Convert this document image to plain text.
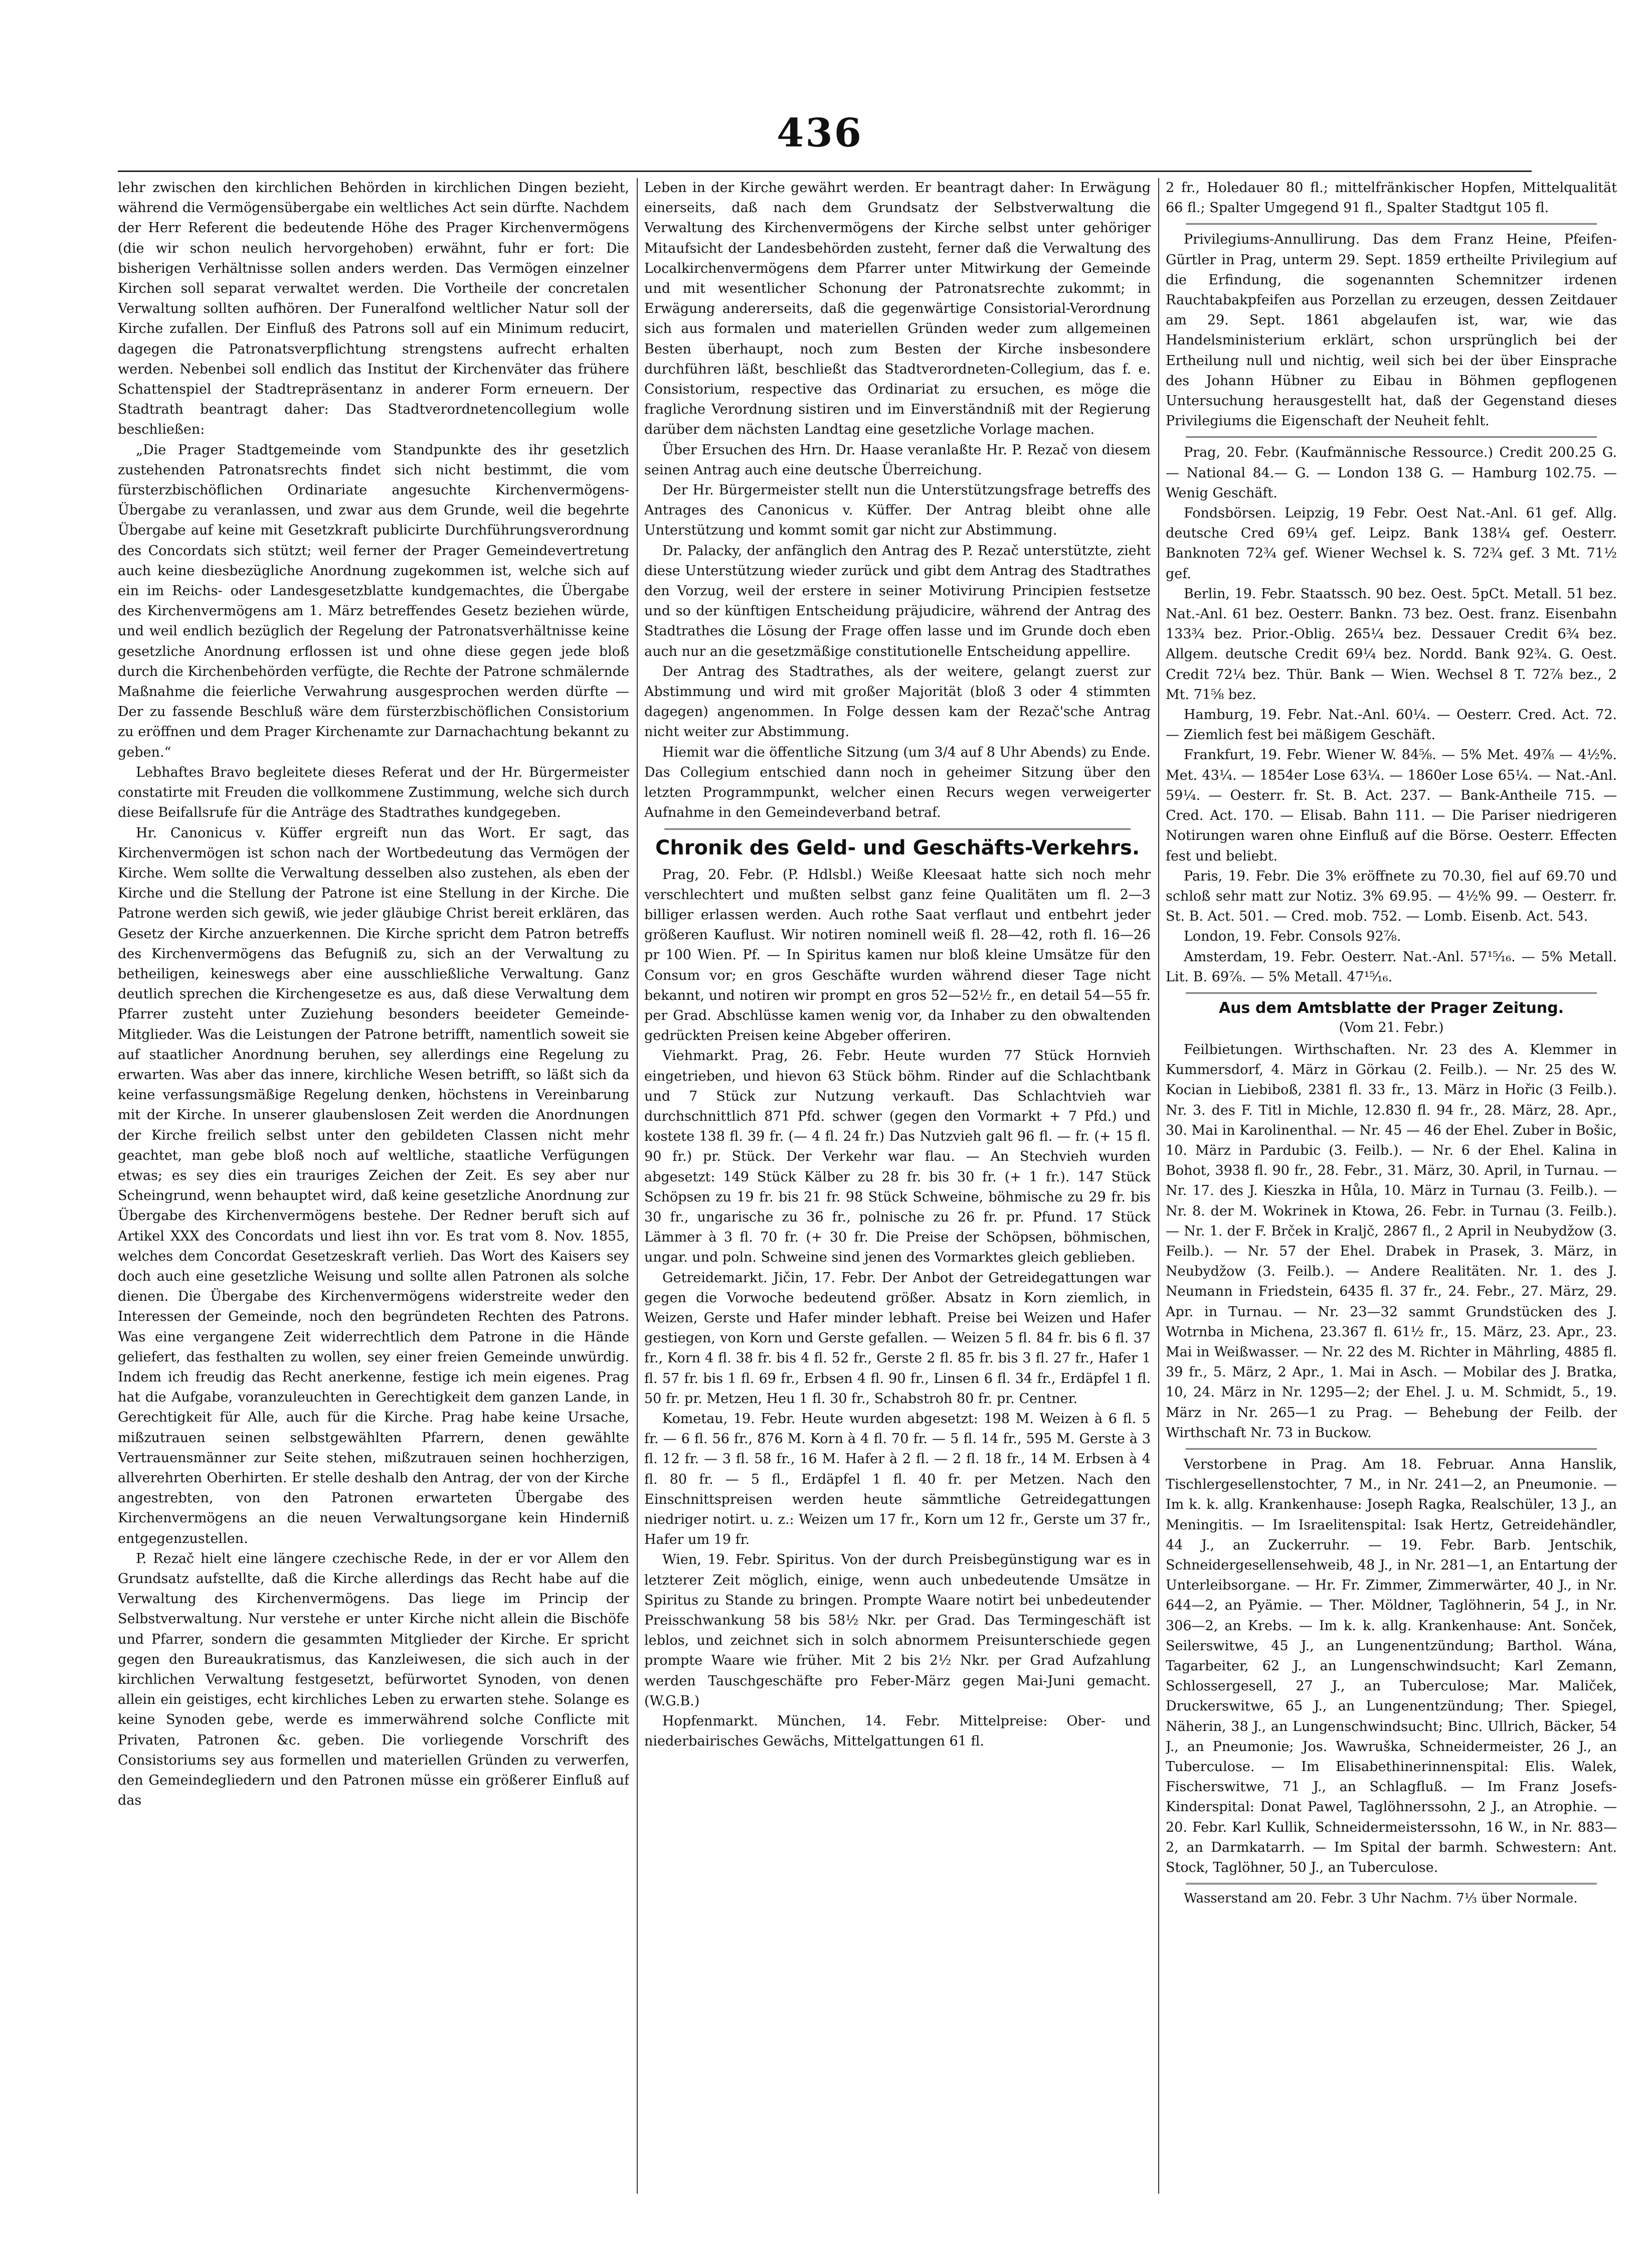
436

lehr zwischen den kirchlichen Behörden in kirchlichen Dingen bezieht, während die Vermögensübergabe ein weltliches Act sein dürfte. Nachdem der Herr Referent die bedeutende Höhe des Prager Kirchenvermögens (die wir schon neulich hervorgehoben) erwähnt, fuhr er fort: Die bisherigen Verhältnisse sollen anders werden. Das Vermögen einzelner Kirchen soll separat verwaltet werden. Die Vortheile der concretalen Verwaltung sollten aufhören. Der Funeralfond weltlicher Natur soll der Kirche zufallen. Der Einfluß des Patrons soll auf ein Minimum reducirt, dagegen die Patronatsverpflichtung strengstens aufrecht erhalten werden. Nebenbei soll endlich das Institut der Kirchenväter das frühere Schattenspiel der Stadtrepräsentanz in anderer Form erneuern. Der Stadtrath beantragt daher: Das Stadtverordnetencollegium wolle beschließen:

„Die Prager Stadtgemeinde vom Standpunkte des ihr gesetzlich zustehenden Patronatsrechts findet sich nicht bestimmt, die vom fürsterzbischöflichen Ordinariate angesuchte Kirchenvermögens-Übergabe zu veranlassen, und zwar aus dem Grunde, weil die begehrte Übergabe auf keine mit Gesetzkraft publicirte Durchführungsverordnung des Concordats sich stützt; weil ferner der Prager Gemeindevertretung auch keine diesbezügliche Anordnung zugekommen ist, welche sich auf ein im Reichs- oder Landesgesetzblatte kundgemachtes, die Übergabe des Kirchenvermögens am 1. März betreffendes Gesetz beziehen würde, und weil endlich bezüglich der Regelung der Patronatsverhältnisse keine gesetzliche Anordnung erflossen ist und ohne diese gegen jede bloß durch die Kirchenbehörden verfügte, die Rechte der Patrone schmälernde Maßnahme die feierliche Verwahrung ausgesprochen werden dürfte — Der zu fassende Beschluß wäre dem fürsterzbischöflichen Consistorium zu eröffnen und dem Prager Kirchenamte zur Darnachachtung bekannt zu geben.“

Lebhaftes Bravo begleitete dieses Referat und der Hr. Bürgermeister constatirte mit Freuden die vollkommene Zustimmung, welche sich durch diese Beifallsrufe für die Anträge des Stadtrathes kundgegeben.

Hr. Canonicus v. Küffer ergreift nun das Wort. Er sagt, das Kirchenvermögen ist schon nach der Wortbedeutung das Vermögen der Kirche. Wem sollte die Verwaltung desselben also zustehen, als eben der Kirche und die Stellung der Patrone ist eine Stellung in der Kirche. Die Patrone werden sich gewiß, wie jeder gläubige Christ bereit erklären, das Gesetz der Kirche anzuerkennen. Die Kirche spricht dem Patron betreffs des Kirchenvermögens das Befugniß zu, sich an der Verwaltung zu betheiligen, keineswegs aber eine ausschließliche Verwaltung. Ganz deutlich sprechen die Kirchengesetze es aus, daß diese Verwaltung dem Pfarrer zusteht unter Zuziehung besonders beeideter Gemeinde-Mitglieder. Was die Leistungen der Patrone betrifft, namentlich soweit sie auf staatlicher Anordnung beruhen, sey allerdings eine Regelung zu erwarten. Was aber das innere, kirchliche Wesen betrifft, so läßt sich da keine verfassungsmäßige Regelung denken, höchstens in Vereinbarung mit der Kirche. In unserer glaubenslosen Zeit werden die Anordnungen der Kirche freilich selbst unter den gebildeten Classen nicht mehr geachtet, man gebe bloß noch auf weltliche, staatliche Verfügungen etwas; es sey dies ein trauriges Zeichen der Zeit. Es sey aber nur Scheingrund, wenn behauptet wird, daß keine gesetzliche Anordnung zur Übergabe des Kirchenvermögens bestehe. Der Redner beruft sich auf Artikel XXX des Concordats und liest ihn vor. Es trat vom 8. Nov. 1855, welches dem Concordat Gesetzeskraft verlieh. Das Wort des Kaisers sey doch auch eine gesetzliche Weisung und sollte allen Patronen als solche dienen. Die Übergabe des Kirchenvermögens widerstreite weder den Interessen der Gemeinde, noch den begründeten Rechten des Patrons. Was eine vergangene Zeit widerrechtlich dem Patrone in die Hände geliefert, das festhalten zu wollen, sey einer freien Gemeinde unwürdig. Indem ich freudig das Recht anerkenne, festige ich mein eigenes. Prag hat die Aufgabe, voranzuleuchten in Gerechtigkeit dem ganzen Lande, in Gerechtigkeit für Alle, auch für die Kirche. Prag habe keine Ursache, mißzutrauen seinen selbstgewählten Pfarrern, denen gewählte Vertrauensmänner zur Seite stehen, mißzutrauen seinen hochherzigen, allverehrten Oberhirten. Er stelle deshalb den Antrag, der von der Kirche angestrebten, von den Patronen erwarteten Übergabe des Kirchenvermögens an die neuen Verwaltungsorgane kein Hinderniß entgegenzustellen.

P. Rezač hielt eine längere czechische Rede, in der er vor Allem den Grundsatz aufstellte, daß die Kirche allerdings das Recht habe auf die Verwaltung des Kirchenvermögens. Das liege im Princip der Selbstverwaltung. Nur verstehe er unter Kirche nicht allein die Bischöfe und Pfarrer, sondern die gesammten Mitglieder der Kirche. Er spricht gegen den Bureaukratismus, das Kanzleiwesen, die sich auch in der kirchlichen Verwaltung festgesetzt, befürwortet Synoden, von denen allein ein geistiges, echt kirchliches Leben zu erwarten stehe. Solange es keine Synoden gebe, werde es immerwährend solche Conflicte mit Privaten, Patronen &c. geben. Die vorliegende Vorschrift des Consistoriums sey aus formellen und materiellen Gründen zu verwerfen, den Gemeindegliedern und den Patronen müsse ein größerer Einfluß auf das

Leben in der Kirche gewährt werden. Er beantragt daher: In Erwägung einerseits, daß nach dem Grundsatz der Selbstverwaltung die Verwaltung des Kirchenvermögens der Kirche selbst unter gehöriger Mitaufsicht der Landesbehörden zusteht, ferner daß die Verwaltung des Localkirchenvermögens dem Pfarrer unter Mitwirkung der Gemeinde und mit wesentlicher Schonung der Patronatsrechte zukommt; in Erwägung andererseits, daß die gegenwärtige Consistorial-Verordnung sich aus formalen und materiellen Gründen weder zum allgemeinen Besten überhaupt, noch zum Besten der Kirche insbesondere durchführen läßt, beschließt das Stadtverordneten-Collegium, das f. e. Consistorium, respective das Ordinariat zu ersuchen, es möge die fragliche Verordnung sistiren und im Einverständniß mit der Regierung darüber dem nächsten Landtag eine gesetzliche Vorlage machen.

Über Ersuchen des Hrn. Dr. Haase veranlaßte Hr. P. Rezač von diesem seinen Antrag auch eine deutsche Überreichung.

Der Hr. Bürgermeister stellt nun die Unterstützungsfrage betreffs des Antrages des Canonicus v. Küffer. Der Antrag bleibt ohne alle Unterstützung und kommt somit gar nicht zur Abstimmung.

Dr. Palacky, der anfänglich den Antrag des P. Rezač unterstützte, zieht diese Unterstützung wieder zurück und gibt dem Antrag des Stadtrathes den Vorzug, weil der erstere in seiner Motivirung Principien festsetze und so der künftigen Entscheidung präjudicire, während der Antrag des Stadtrathes die Lösung der Frage offen lasse und im Grunde doch eben auch nur an die gesetzmäßige constitutionelle Entscheidung appellire.

Der Antrag des Stadtrathes, als der weitere, gelangt zuerst zur Abstimmung und wird mit großer Majorität (bloß 3 oder 4 stimmten dagegen) angenommen. In Folge dessen kam der Rezač'sche Antrag nicht weiter zur Abstimmung.

Hiemit war die öffentliche Sitzung (um 3/4 auf 8 Uhr Abends) zu Ende. Das Collegium entschied dann noch in geheimer Sitzung über den letzten Programmpunkt, welcher einen Recurs wegen verweigerter Aufnahme in den Gemeindeverband betraf.

Chronik des Geld- und Geschäfts-Verkehrs.

Prag, 20. Febr. (P. Hdlsbl.) Weiße Kleesaat hatte sich noch mehr verschlechtert und mußten selbst ganz feine Qualitäten um fl. 2—3 billiger erlassen werden. Auch rothe Saat verflaut und entbehrt jeder größeren Kauflust. Wir notiren nominell weiß fl. 28—42, roth fl. 16—26 pr 100 Wien. Pf. — In Spiritus kamen nur bloß kleine Umsätze für den Consum vor; en gros Geschäfte wurden während dieser Tage nicht bekannt, und notiren wir prompt en gros 52—52½ fr., en detail 54—55 fr. per Grad. Abschlüsse kamen wenig vor, da Inhaber zu den obwaltenden gedrückten Preisen keine Abgeber offeriren.

Viehmarkt. Prag, 26. Febr. Heute wurden 77 Stück Hornvieh eingetrieben, und hievon 63 Stück böhm. Rinder auf die Schlachtbank und 7 Stück zur Nutzung verkauft. Das Schlachtvieh war durchschnittlich 871 Pfd. schwer (gegen den Vormarkt + 7 Pfd.) und kostete 138 fl. 39 fr. (— 4 fl. 24 fr.) Das Nutzvieh galt 96 fl. — fr. (+ 15 fl. 90 fr.) pr. Stück. Der Verkehr war flau. — An Stechvieh wurden abgesetzt: 149 Stück Kälber zu 28 fr. bis 30 fr. (+ 1 fr.). 147 Stück Schöpsen zu 19 fr. bis 21 fr. 98 Stück Schweine, böhmische zu 29 fr. bis 30 fr., ungarische zu 36 fr., polnische zu 26 fr. pr. Pfund. 17 Stück Lämmer à 3 fl. 70 fr. (+ 30 fr. Die Preise der Schöpsen, böhmischen, ungar. und poln. Schweine sind jenen des Vormarktes gleich geblieben.

Getreidemarkt. Jičin, 17. Febr. Der Anbot der Getreidegattungen war gegen die Vorwoche bedeutend größer. Absatz in Korn ziemlich, in Weizen, Gerste und Hafer minder lebhaft. Preise bei Weizen und Hafer gestiegen, von Korn und Gerste gefallen. — Weizen 5 fl. 84 fr. bis 6 fl. 37 fr., Korn 4 fl. 38 fr. bis 4 fl. 52 fr., Gerste 2 fl. 85 fr. bis 3 fl. 27 fr., Hafer 1 fl. 57 fr. bis 1 fl. 69 fr., Erbsen 4 fl. 90 fr., Linsen 6 fl. 34 fr., Erdäpfel 1 fl. 50 fr. pr. Metzen, Heu 1 fl. 30 fr., Schabstroh 80 fr. pr. Centner.

Kometau, 19. Febr. Heute wurden abgesetzt: 198 M. Weizen à 6 fl. 5 fr. — 6 fl. 56 fr., 876 M. Korn à 4 fl. 70 fr. — 5 fl. 14 fr., 595 M. Gerste à 3 fl. 12 fr. — 3 fl. 58 fr., 16 M. Hafer à 2 fl. — 2 fl. 18 fr., 14 M. Erbsen à 4 fl. 80 fr. — 5 fl., Erdäpfel 1 fl. 40 fr. per Metzen. Nach den Einschnittspreisen werden heute sämmtliche Getreidegattungen niedriger notirt. u. z.: Weizen um 17 fr., Korn um 12 fr., Gerste um 37 fr., Hafer um 19 fr.

Wien, 19. Febr. Spiritus. Von der durch Preisbegünstigung war es in letzterer Zeit möglich, einige, wenn auch unbedeutende Umsätze in Spiritus zu Stande zu bringen. Prompte Waare notirt bei unbedeutender Preisschwankung 58 bis 58½ Nkr. per Grad. Das Termingeschäft ist leblos, und zeichnet sich in solch abnormem Preisunterschiede gegen prompte Waare wie früher. Mit 2 bis 2½ Nkr. per Grad Aufzahlung werden Tauschgeschäfte pro Feber-März gegen Mai-Juni gemacht. (W.G.B.)

Hopfenmarkt. München, 14. Febr. Mittelpreise: Ober- und niederbairisches Gewächs, Mittelgattungen 61 fl.

2 fr., Holedauer 80 fl.; mittelfränkischer Hopfen, Mittelqualität 66 fl.; Spalter Umgegend 91 fl., Spalter Stadtgut 105 fl.

Privilegiums-Annullirung. Das dem Franz Heine, Pfeifen-Gürtler in Prag, unterm 29. Sept. 1859 ertheilte Privilegium auf die Erfindung, die sogenannten Schemnitzer irdenen Rauchtabakpfeifen aus Porzellan zu erzeugen, dessen Zeitdauer am 29. Sept. 1861 abgelaufen ist, war, wie das Handelsministerium erklärt, schon ursprünglich bei der Ertheilung null und nichtig, weil sich bei der über Einsprache des Johann Hübner zu Eibau in Böhmen gepflogenen Untersuchung herausgestellt hat, daß der Gegenstand dieses Privilegiums die Eigenschaft der Neuheit fehlt.

Prag, 20. Febr. (Kaufmännische Ressource.) Credit 200.25 G. — National 84.— G. — London 138 G. — Hamburg 102.75. — Wenig Geschäft.

Fondsbörsen. Leipzig, 19 Febr. Oest Nat.-Anl. 61 gef. Allg. deutsche Cred 69¼ gef. Leipz. Bank 138¼ gef. Oesterr. Banknoten 72¾ gef. Wiener Wechsel k. S. 72¾ gef. 3 Mt. 71½ gef.

Berlin, 19. Febr. Staatssch. 90 bez. Oest. 5pCt. Metall. 51 bez. Nat.-Anl. 61 bez. Oesterr. Bankn. 73 bez. Oest. franz. Eisenbahn 133¾ bez. Prior.-Oblig. 265¼ bez. Dessauer Credit 6¾ bez. Allgem. deutsche Credit 69¼ bez. Nordd. Bank 92¾. G. Oest. Credit 72¼ bez. Thür. Bank — Wien. Wechsel 8 T. 72⅞ bez., 2 Mt. 71⅝ bez.

Hamburg, 19. Febr. Nat.-Anl. 60¼. — Oesterr. Cred. Act. 72. — Ziemlich fest bei mäßigem Geschäft.

Frankfurt, 19. Febr. Wiener W. 84⅝. — 5% Met. 49⅞ — 4½%. Met. 43¼. — 1854er Lose 63¼. — 1860er Lose 65¼. — Nat.-Anl. 59¼. — Oesterr. fr. St. B. Act. 237. — Bank-Antheile 715. — Cred. Act. 170. — Elisab. Bahn 111. — Die Pariser niedrigeren Notirungen waren ohne Einfluß auf die Börse. Oesterr. Effecten fest und beliebt.

Paris, 19. Febr. Die 3% eröffnete zu 70.30, fiel auf 69.70 und schloß sehr matt zur Notiz. 3% 69.95. — 4½% 99. — Oesterr. fr. St. B. Act. 501. — Cred. mob. 752. — Lomb. Eisenb. Act. 543.

London, 19. Febr. Consols 92⅞.

Amsterdam, 19. Febr. Oesterr. Nat.-Anl. 57¹⁵⁄₁₆. — 5% Metall. Lit. B. 69⅞. — 5% Metall. 47¹⁵⁄₁₆.

Aus dem Amtsblatte der Prager Zeitung.
(Vom 21. Febr.)

Feilbietungen. Wirthschaften. Nr. 23 des A. Klemmer in Kummersdorf, 4. März in Görkau (2. Feilb.). — Nr. 25 des W. Kocian in Liebiboß, 2381 fl. 33 fr., 13. März in Hořic (3 Feilb.). Nr. 3. des F. Titl in Michle, 12.830 fl. 94 fr., 28. März, 28. Apr., 30. Mai in Karolinenthal. — Nr. 45 — 46 der Ehel. Zuber in Bošic, 10. März in Pardubic (3. Feilb.). — Nr. 6 der Ehel. Kalina in Bohot, 3938 fl. 90 fr., 28. Febr., 31. März, 30. April, in Turnau. — Nr. 17. des J. Kieszka in Hůla, 10. März in Turnau (3. Feilb.). — Nr. 8. der M. Wokrinek in Ktowa, 26. Febr. in Turnau (3. Feilb.). — Nr. 1. der F. Brček in Kraljč, 2867 fl., 2 April in Neubydžow (3. Feilb.). — Nr. 57 der Ehel. Drabek in Prasek, 3. März, in Neubydžow (3. Feilb.). — Andere Realitäten. Nr. 1. des J. Neumann in Friedstein, 6435 fl. 37 fr., 24. Febr., 27. März, 29. Apr. in Turnau. — Nr. 23—32 sammt Grundstücken des J. Wotrnba in Michena, 23.367 fl. 61½ fr., 15. März, 23. Apr., 23. Mai in Weißwasser. — Nr. 22 des M. Richter in Mährling, 4885 fl. 39 fr., 5. März, 2 Apr., 1. Mai in Asch. — Mobilar des J. Bratka, 10, 24. März in Nr. 1295—2; der Ehel. J. u. M. Schmidt, 5., 19. März in Nr. 265—1 zu Prag. — Behebung der Feilb. der Wirthschaft Nr. 73 in Buckow.

Verstorbene in Prag. Am 18. Februar. Anna Hanslik, Tischlergesellenstochter, 7 M., in Nr. 241—2, an Pneumonie. — Im k. k. allg. Krankenhause: Joseph Ragka, Realschüler, 13 J., an Meningitis. — Im Israelitenspital: Isak Hertz, Getreidehändler, 44 J., an Zuckerruhr. — 19. Febr. Barb. Jentschik, Schneidergesellensehweib, 48 J., in Nr. 281—1, an Entartung der Unterleibsorgane. — Hr. Fr. Zimmer, Zimmerwärter, 40 J., in Nr. 644—2, an Pyämie. — Ther. Möldner, Taglöhnerin, 54 J., in Nr. 306—2, an Krebs. — Im k. k. allg. Krankenhause: Ant. Sonček, Seilerswitwe, 45 J., an Lungenentzündung; Barthol. Wána, Tagarbeiter, 62 J., an Lungenschwindsucht; Karl Zemann, Schlossergesell, 27 J., an Tuberculose; Mar. Maliček, Druckerswitwe, 65 J., an Lungenentzündung; Ther. Spiegel, Näherin, 38 J., an Lungenschwindsucht; Binc. Ullrich, Bäcker, 54 J., an Pneumonie; Jos. Wawruška, Schneidermeister, 26 J., an Tuberculose. — Im Elisabethinerinnenspital: Elis. Walek, Fischerswitwe, 71 J., an Schlagfluß. — Im Franz Josefs-Kinderspital: Donat Pawel, Taglöhnerssohn, 2 J., an Atrophie. — 20. Febr. Karl Kullik, Schneidermeisterssohn, 16 W., in Nr. 883—2, an Darmkatarrh. — Im Spital der barmh. Schwestern: Ant. Stock, Taglöhner, 50 J., an Tuberculose.

Wasserstand am 20. Febr. 3 Uhr Nachm. 7⅓ über Normale.
